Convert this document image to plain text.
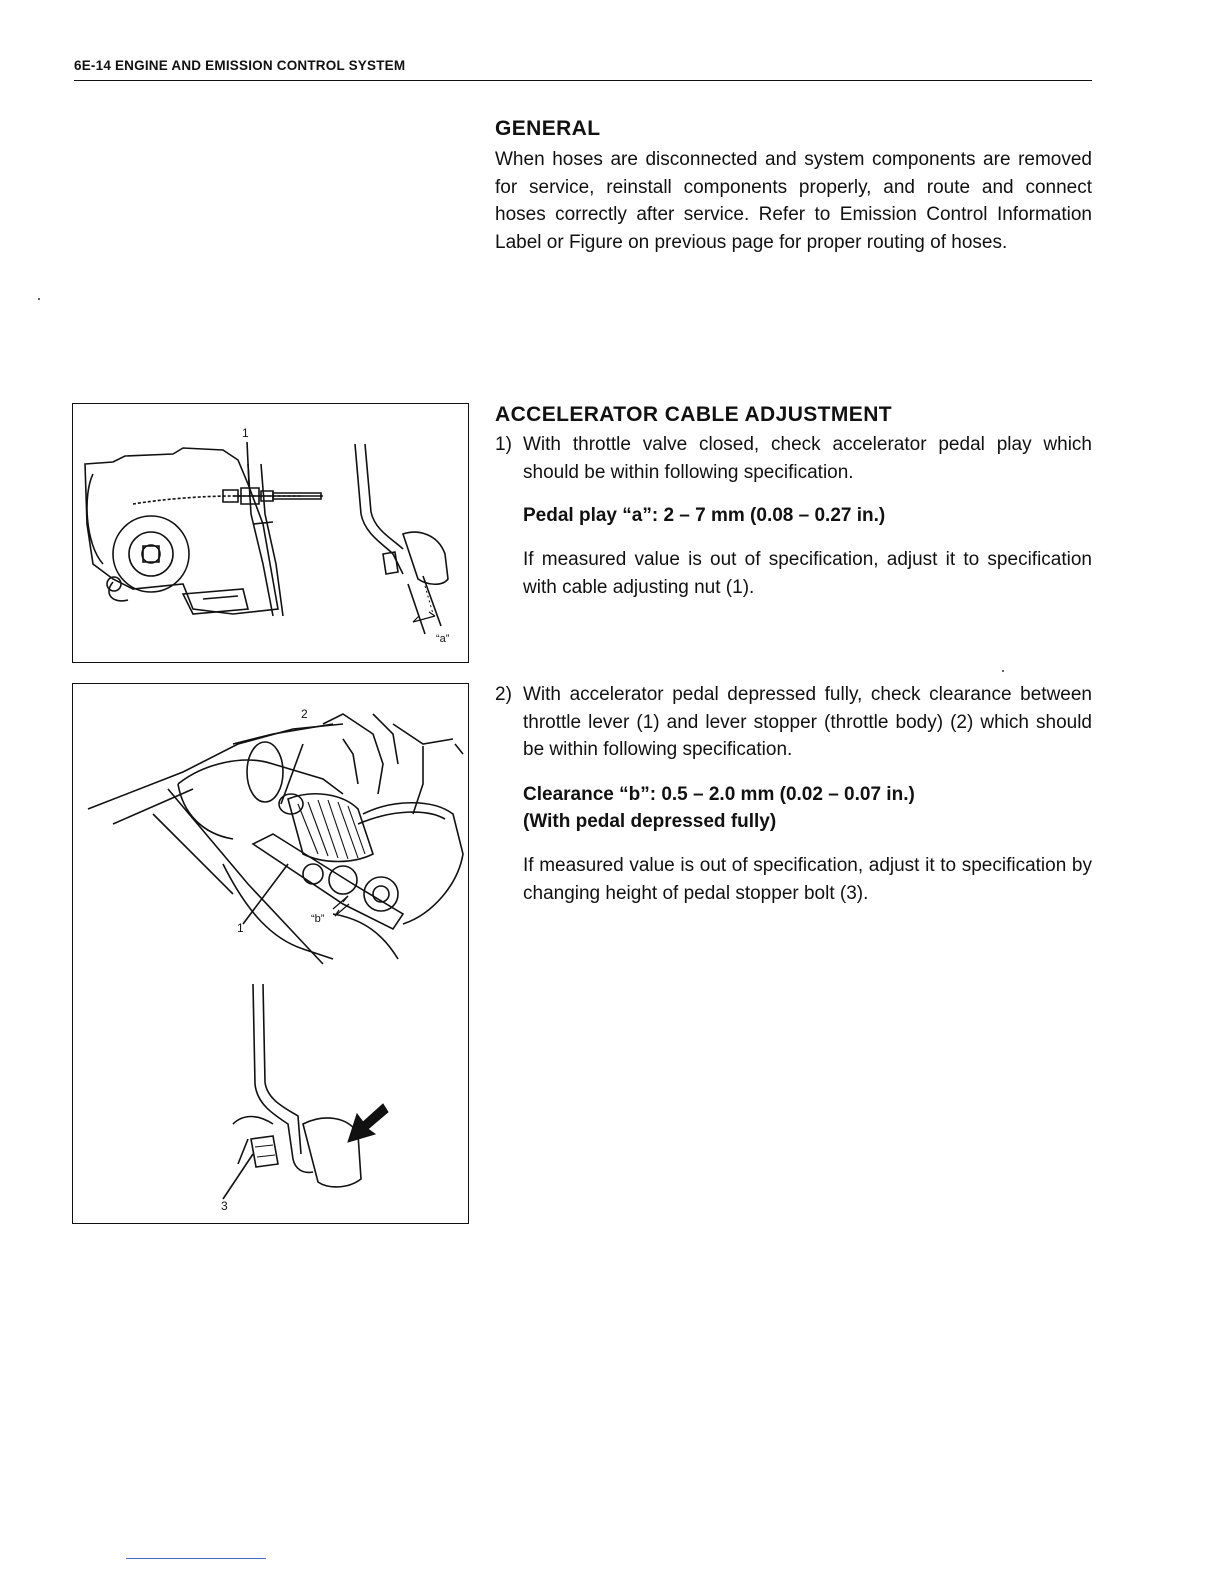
6E-14 ENGINE AND EMISSION CONTROL SYSTEM
GENERAL
When hoses are disconnected and system components are removed for service, reinstall components properly, and route and connect hoses correctly after service. Refer to Emission Control Information Label or Figure on previous page for proper routing of hoses.
ACCELERATOR CABLE ADJUSTMENT
1) With throttle valve closed, check accelerator pedal play which should be within following specification.
Pedal play “a”: 2 – 7 mm (0.08 – 0.27 in.)
If measured value is out of specification, adjust it to specification with cable adjusting nut (1).
2) With accelerator pedal depressed fully, check clearance between throttle lever (1) and lever stopper (throttle body) (2) which should be within following specification.
Clearance “b”: 0.5 – 2.0 mm (0.02 – 0.07 in.)
(With pedal depressed fully)
If measured value is out of specification, adjust it to specification by changing height of pedal stopper bolt (3).
1
“a”
2
1
“b”
3
